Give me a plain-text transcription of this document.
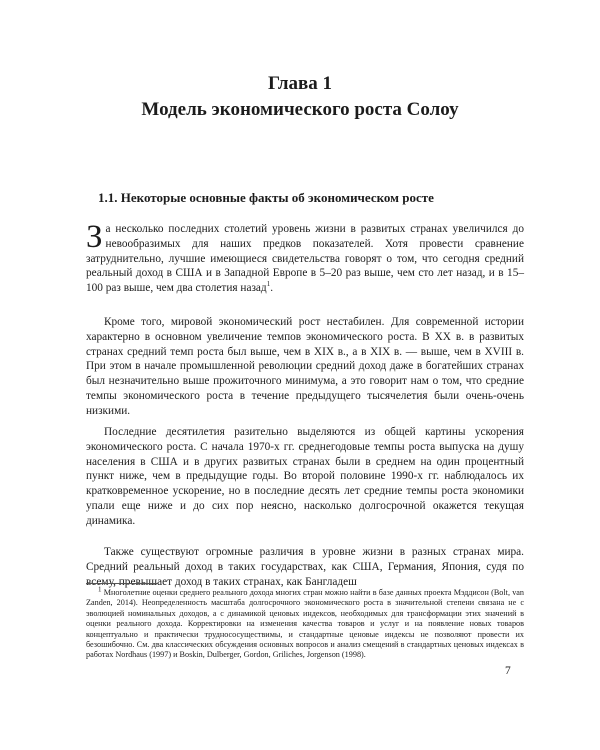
Глава 1
Модель экономического роста Солоу
1.1. Некоторые основные факты об экономическом росте

За несколько последних столетий уровень жизни в развитых странах увеличился до невообразимых для наших предков показателей. Хотя провести сравнение затруднительно, лучшие имеющиеся свидетельства говорят о том, что сегодня средний реальный доход в США и в Западной Европе в 5–20 раз выше, чем сто лет назад, и в 15–100 раз выше, чем два столетия назад$^1$.

Кроме того, мировой экономический рост нестабилен. Для современной истории характерно в основном увеличение темпов экономического роста. В XX в. в развитых странах средний темп роста был выше, чем в XIX в., а в XIX в. — выше, чем в XVIII в. При этом в начале промышленной революции средний доход даже в богатейших странах был незначительно выше прожиточного минимума, а это говорит нам о том, что средние темпы экономического роста в течение предыдущего тысячелетия были очень-очень низкими.

Последние десятилетия разительно выделяются из общей картины ускорения экономического роста. С начала 1970-х гг. среднегодовые темпы роста выпуска на душу населения в США и в других развитых странах были в среднем на один процентный пункт ниже, чем в предыдущие годы. Во второй половине 1990-х гг. наблюдалось их кратковременное ускорение, но в последние десять лет средние темпы роста экономики упали еще ниже и до сих пор неясно, насколько долгосрочной окажется текущая динамика.

Также существуют огромные различия в уровне жизни в разных странах мира. Средний реальный доход в таких государствах, как США, Германия, Япония, судя по всему, превышает доход в таких странах, как Бангладеш

$^1$ Многолетние оценки среднего реального дохода многих стран можно найти в базе данных проекта Мэддисон (Bolt, van Zanden, 2014). Неопределенность масштаба долгосрочного экономического роста в значительной степени связана не с эволюцией номинальных доходов, а с динамикой ценовых индексов, необходимых для трансформации этих значений в оценки реального дохода. Корректировки на изменения качества товаров и услуг и на появление новых товаров концептуально и практически труднососуществимы, и стандартные ценовые индексы не позволяют провести их безошибочно. См. два классических обсуждения основных вопросов и анализ смещений в стандартных ценовых индексах в работах Nordhaus (1997) и Boskin, Dulberger, Gordon, Griliches, Jorgenson (1998).

7
